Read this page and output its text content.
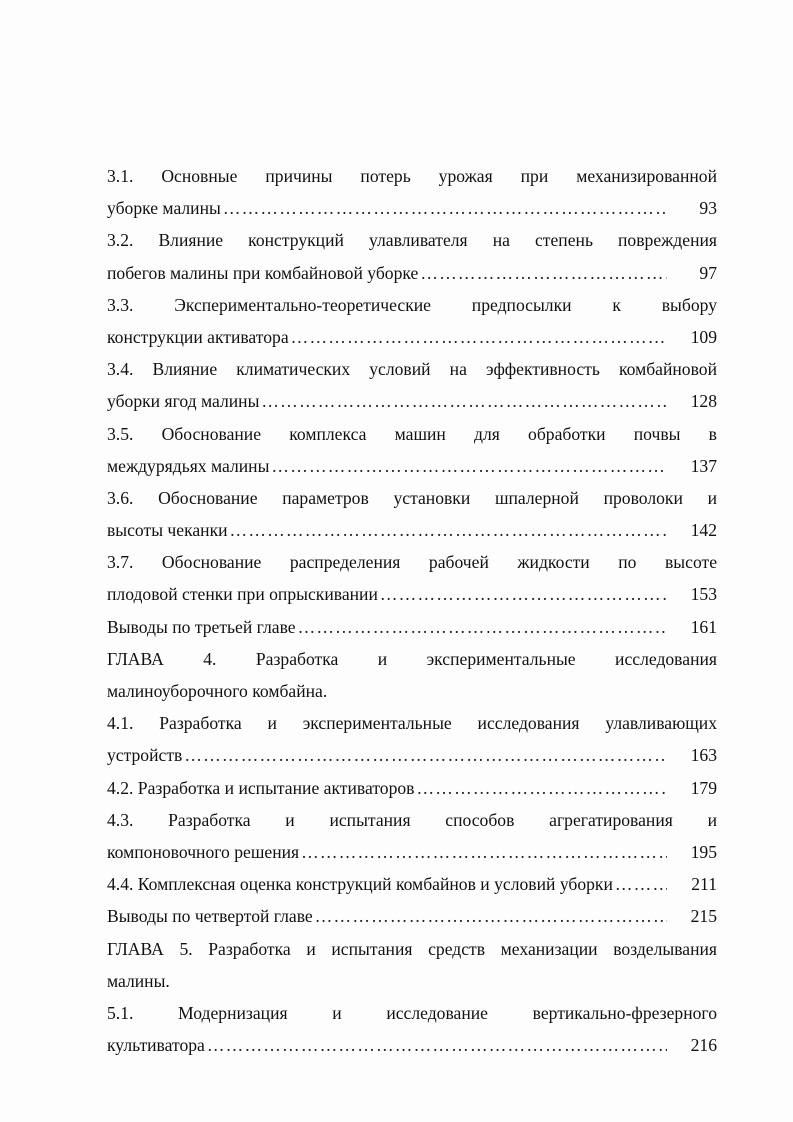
3.1. Основные причины потерь урожая при механизированной
уборке малины …………………………………………………………………………………………………………………………	93
3.2. Влияние конструкций улавливателя на степень повреждения
побегов малины при комбайновой уборке …………………………………………………………………………………………………………………………	97
3.3. Экспериментально-теоретические предпосылки к выбору
конструкции активатора …………………………………………………………………………………………………………………………	109
3.4. Влияние климатических условий на эффективность комбайновой
уборки ягод малины …………………………………………………………………………………………………………………………	128
3.5. Обоснование комплекса машин для обработки почвы в
междурядьях малины …………………………………………………………………………………………………………………………	137
3.6. Обоснование параметров установки шпалерной проволоки и
высоты чеканки …………………………………………………………………………………………………………………………	142
3.7. Обоснование распределения рабочей жидкости по высоте
плодовой стенки при опрыскивании …………………………………………………………………………………………………………………………	153
Выводы по третьей главе …………………………………………………………………………………………………………………………	161
ГЛАВА 4. Разработка и экспериментальные исследования
малиноуборочного комбайна.
4.1. Разработка и экспериментальные исследования улавливающих
устройств …………………………………………………………………………………………………………………………	163
4.2. Разработка и испытание активаторов …………………………………………………………………………………………………………………………	179
4.3. Разработка и испытания способов агрегатирования и
компоновочного решения …………………………………………………………………………………………………………………………	195
4.4. Комплексная оценка конструкций комбайнов и условий уборки …………………………………………………………………………………………………………………………	211
Выводы по четвертой главе …………………………………………………………………………………………………………………………	215
ГЛАВА 5. Разработка и испытания средств механизации возделывания
малины.
5.1. Модернизация и исследование вертикально-фрезерного
культиватора …………………………………………………………………………………………………………………………	216
